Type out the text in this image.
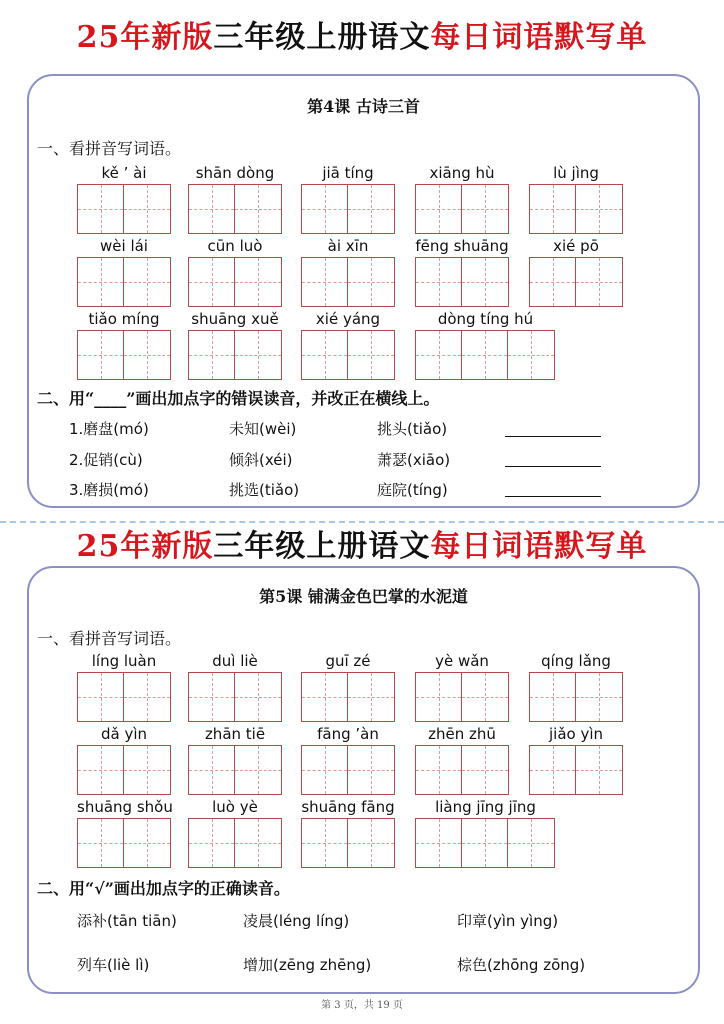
25年新版三年级上册语文每日词语默写单
第4课 古诗三首
一、看拼音写词语。
kě ’ ài	shān dòng	jiā tíng	xiāng hù	lù jìng
wèi lái	cūn luò	ài xīn	fēng shuāng	xié pō
tiǎo míng	shuāng xuě	xié yáng	dòng tíng hú
二、用“____”画出加点字的错误读音，并改正在横线上。
1.磨盘(mó)	未知(wèi)	挑头(tiǎo)
2.促销(cù)	倾斜(xéi)	萧瑟(xiāo)
3.磨损(mó)	挑选(tiǎo)	庭院(tíng)
25年新版三年级上册语文每日词语默写单
第5课 铺满金色巴掌的水泥道
一、看拼音写词语。
líng luàn	duì liè	guī zé	yè wǎn	qíng lǎng
dǎ yìn	zhān tiē	fāng ’àn	zhēn zhū	jiǎo yìn
shuāng shǒu	luò yè	shuāng fāng	liàng jīng jīng
二、用“√”画出加点字的正确读音。
添补(tān tiān)	凌晨(léng líng)	印章(yìn yìng)
列车(liè lì)	增加(zēng zhēng)	棕色(zhōng zōng)
第 3 页，共 19 页
